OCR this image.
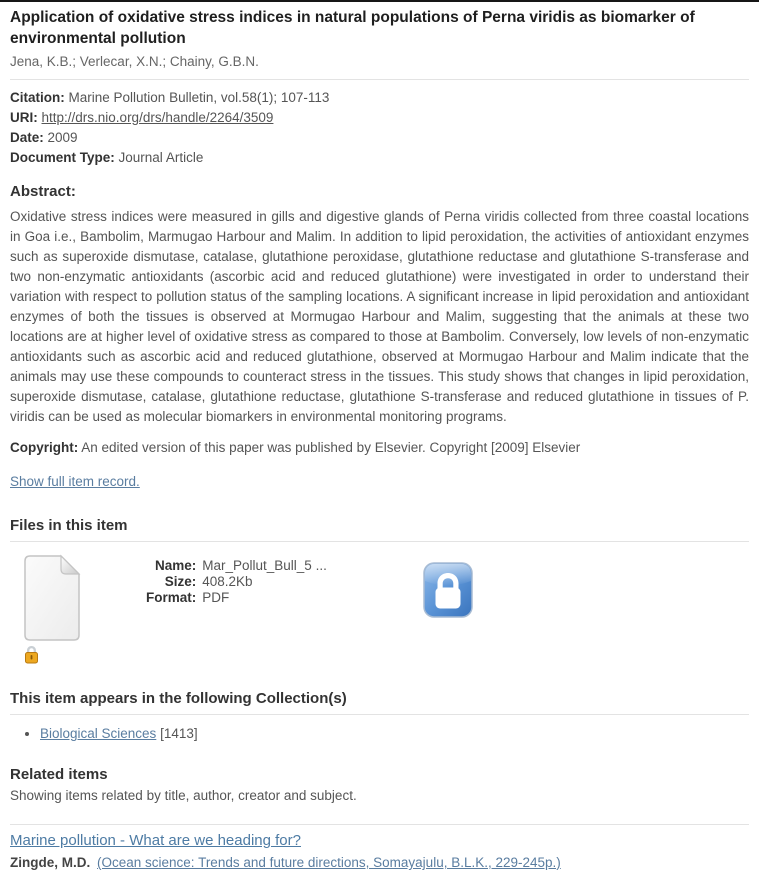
Application of oxidative stress indices in natural populations of Perna viridis as biomarker of environmental pollution
Jena, K.B.; Verlecar, X.N.; Chainy, G.B.N.
Citation: Marine Pollution Bulletin, vol.58(1); 107-113
URI: http://drs.nio.org/drs/handle/2264/3509
Date: 2009
Document Type: Journal Article
Abstract:
Oxidative stress indices were measured in gills and digestive glands of Perna viridis collected from three coastal locations in Goa i.e., Bambolim, Marmugao Harbour and Malim. In addition to lipid peroxidation, the activities of antioxidant enzymes such as superoxide dismutase, catalase, glutathione peroxidase, glutathione reductase and glutathione S-transferase and two non-enzymatic antioxidants (ascorbic acid and reduced glutathione) were investigated in order to understand their variation with respect to pollution status of the sampling locations. A significant increase in lipid peroxidation and antioxidant enzymes of both the tissues is observed at Mormugao Harbour and Malim, suggesting that the animals at these two locations are at higher level of oxidative stress as compared to those at Bambolim. Conversely, low levels of non-enzymatic antioxidants such as ascorbic acid and reduced glutathione, observed at Mormugao Harbour and Malim indicate that the animals may use these compounds to counteract stress in the tissues. This study shows that changes in lipid peroxidation, superoxide dismutase, catalase, glutathione reductase, glutathione S-transferase and reduced glutathione in tissues of P. viridis can be used as molecular biomarkers in environmental monitoring programs.
Copyright: An edited version of this paper was published by Elsevier. Copyright [2009] Elsevier
Show full item record.
Files in this item
Name: Mar_Pollut_Bull_5 ...
Size: 408.2Kb
Format: PDF
This item appears in the following Collection(s)
• Biological Sciences [1413]
Related items
Showing items related by title, author, creator and subject.
Marine pollution - What are we heading for?
Zingde, M.D. (Ocean science: Trends and future directions, Somayajulu, B.L.K., 229-245p.)
